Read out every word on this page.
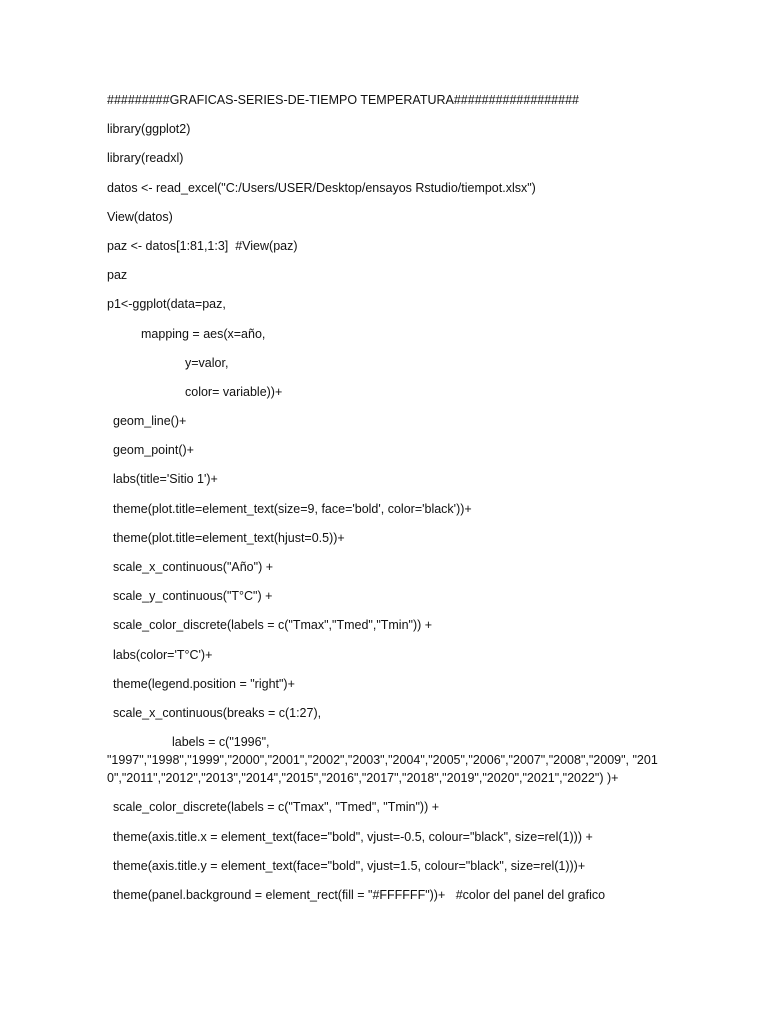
#########GRAFICAS-SERIES-DE-TIEMPO TEMPERATURA##################
library(ggplot2)
library(readxl)
datos <- read_excel("C:/Users/USER/Desktop/ensayos Rstudio/tiempot.xlsx")
View(datos)
paz <- datos[1:81,1:3]  #View(paz)
paz
p1<-ggplot(data=paz,
mapping = aes(x=año,
y=valor,
color= variable))+
geom_line()+
geom_point()+
labs(title='Sitio 1')+
theme(plot.title=element_text(size=9, face='bold', color='black'))+
theme(plot.title=element_text(hjust=0.5))+
scale_x_continuous("Año") +
scale_y_continuous("T°C") +
scale_color_discrete(labels = c("Tmax","Tmed","Tmin")) +
labs(color='T°C')+
theme(legend.position = "right")+
scale_x_continuous(breaks = c(1:27),
labels = c("1996",
"1997","1998","1999","2000","2001","2002","2003","2004","2005","2006","2007","2008","2009", "2010","2011","2012","2013","2014","2015","2016","2017","2018","2019","2020","2021","2022") )+
scale_color_discrete(labels = c("Tmax", "Tmed", "Tmin")) +
theme(axis.title.x = element_text(face="bold", vjust=-0.5, colour="black", size=rel(1))) +
theme(axis.title.y = element_text(face="bold", vjust=1.5, colour="black", size=rel(1)))+
theme(panel.background = element_rect(fill = "#FFFFFF"))+   #color del panel del grafico
